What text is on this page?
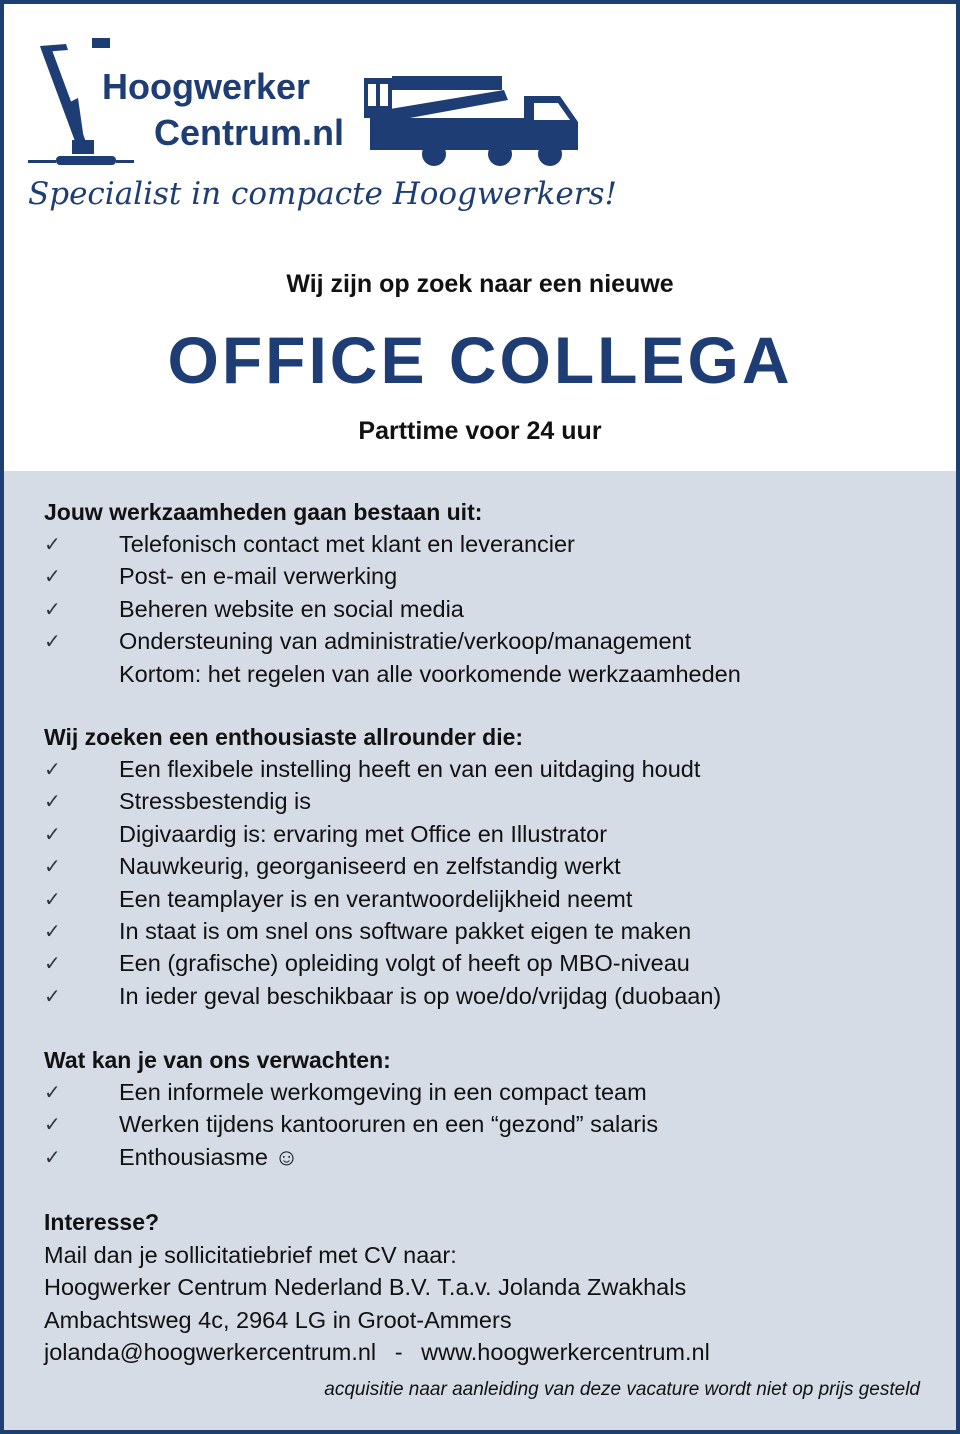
Hoogwerker
Centrum.nl
Specialist in compacte Hoogwerkers!
Wij zijn op zoek naar een nieuwe
OFFICE COLLEGA
Parttime voor 24 uur
Jouw werkzaamheden gaan bestaan uit:
✓	Telefonisch contact met klant en leverancier
✓	Post- en e-mail verwerking
✓	Beheren website en social media
✓	Ondersteuning van administratie/verkoop/management
Kortom: het regelen van alle voorkomende werkzaamheden
Wij zoeken een enthousiaste allrounder die:
✓	Een flexibele instelling heeft en van een uitdaging houdt
✓	Stressbestendig is
✓	Digivaardig is: ervaring met Office en Illustrator
✓	Nauwkeurig, georganiseerd en zelfstandig werkt
✓	Een teamplayer is en verantwoordelijkheid neemt
✓	In staat is om snel ons software pakket eigen te maken
✓	Een (grafische) opleiding volgt of heeft op MBO-niveau
✓	In ieder geval beschikbaar is op woe/do/vrijdag (duobaan)
Wat kan je van ons verwachten:
✓	Een informele werkomgeving in een compact team
✓	Werken tijdens kantooruren en een “gezond” salaris
✓	Enthousiasme ☺
Interesse?
Mail dan je sollicitatiebrief met CV naar:
Hoogwerker Centrum Nederland B.V. T.a.v. Jolanda Zwakhals
Ambachtsweg 4c, 2964 LG in Groot-Ammers
jolanda@hoogwerkercentrum.nl - www.hoogwerkercentrum.nl
acquisitie naar aanleiding van deze vacature wordt niet op prijs gesteld
